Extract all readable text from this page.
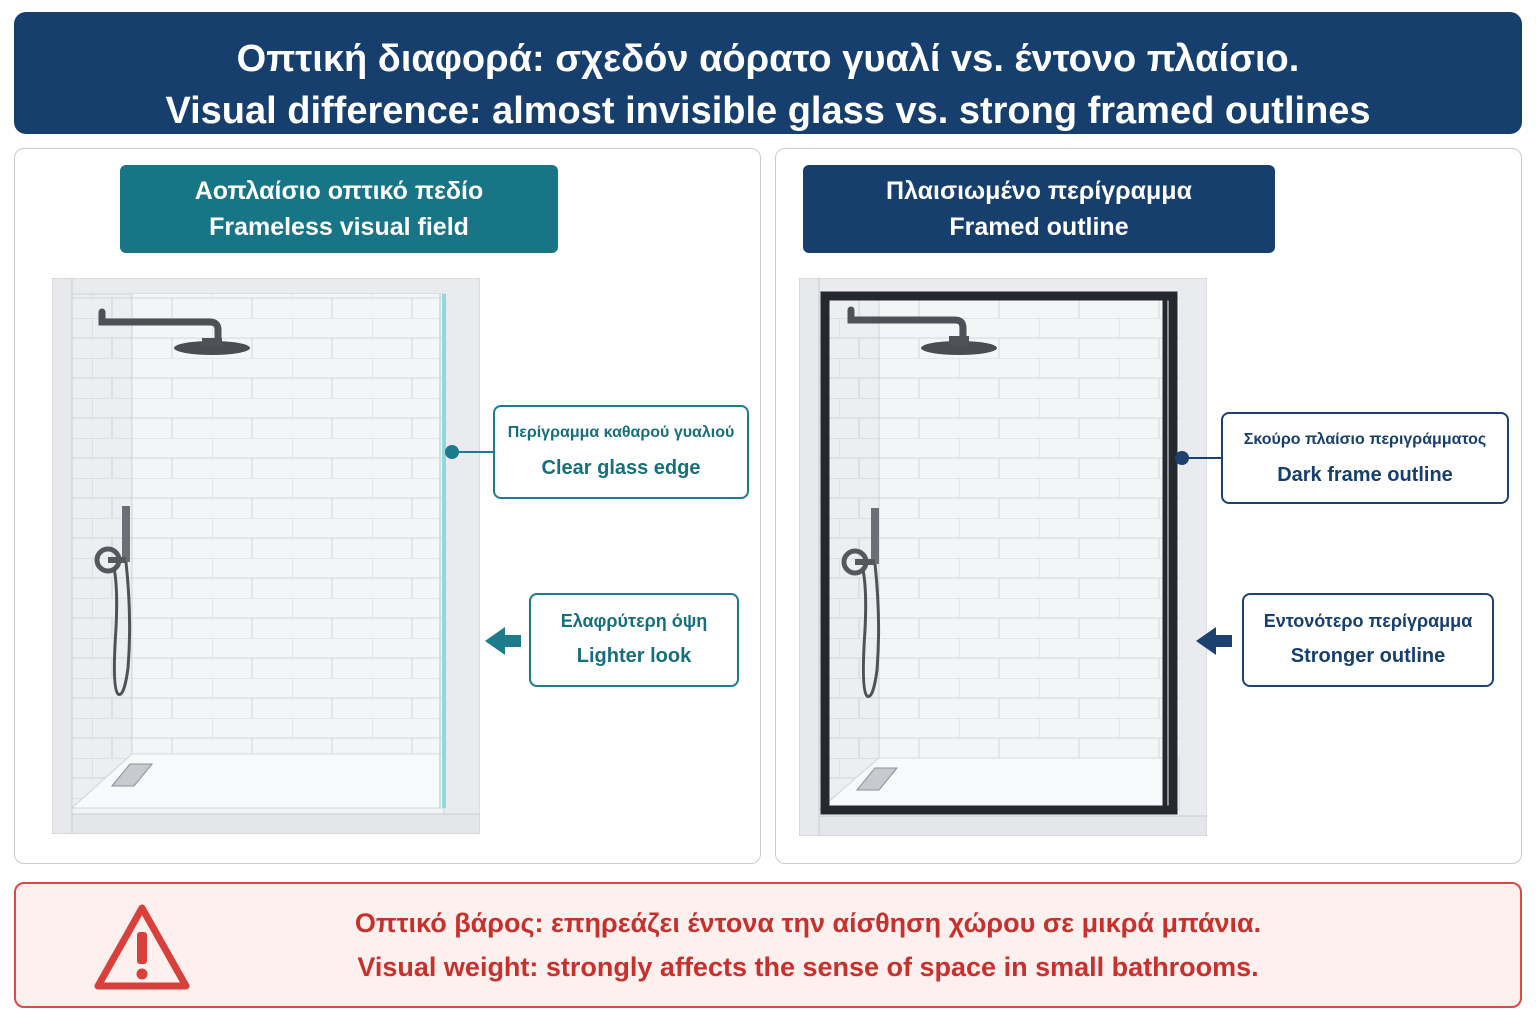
Οπτική διαφορά: σχεδόν αόρατο γυαλί vs. έντονο πλαίσιο.
Visual difference: almost invisible glass vs. strong framed outlines
Αοπλαίσιο οπτικό πεδίο
Frameless visual field
Περίγραμμα καθαρού γυαλιού
Clear glass edge
Ελαφρύτερη όψη
Lighter look
Πλαισιωμένο περίγραμμα
Framed outline
Σκούρο πλαίσιο περιγράμματος
Dark frame outline
Εντονότερο περίγραμμα
Stronger outline
Οπτικό βάρος: επηρεάζει έντονα την αίσθηση χώρου σε μικρά μπάνια.
Visual weight: strongly affects the sense of space in small bathrooms.
